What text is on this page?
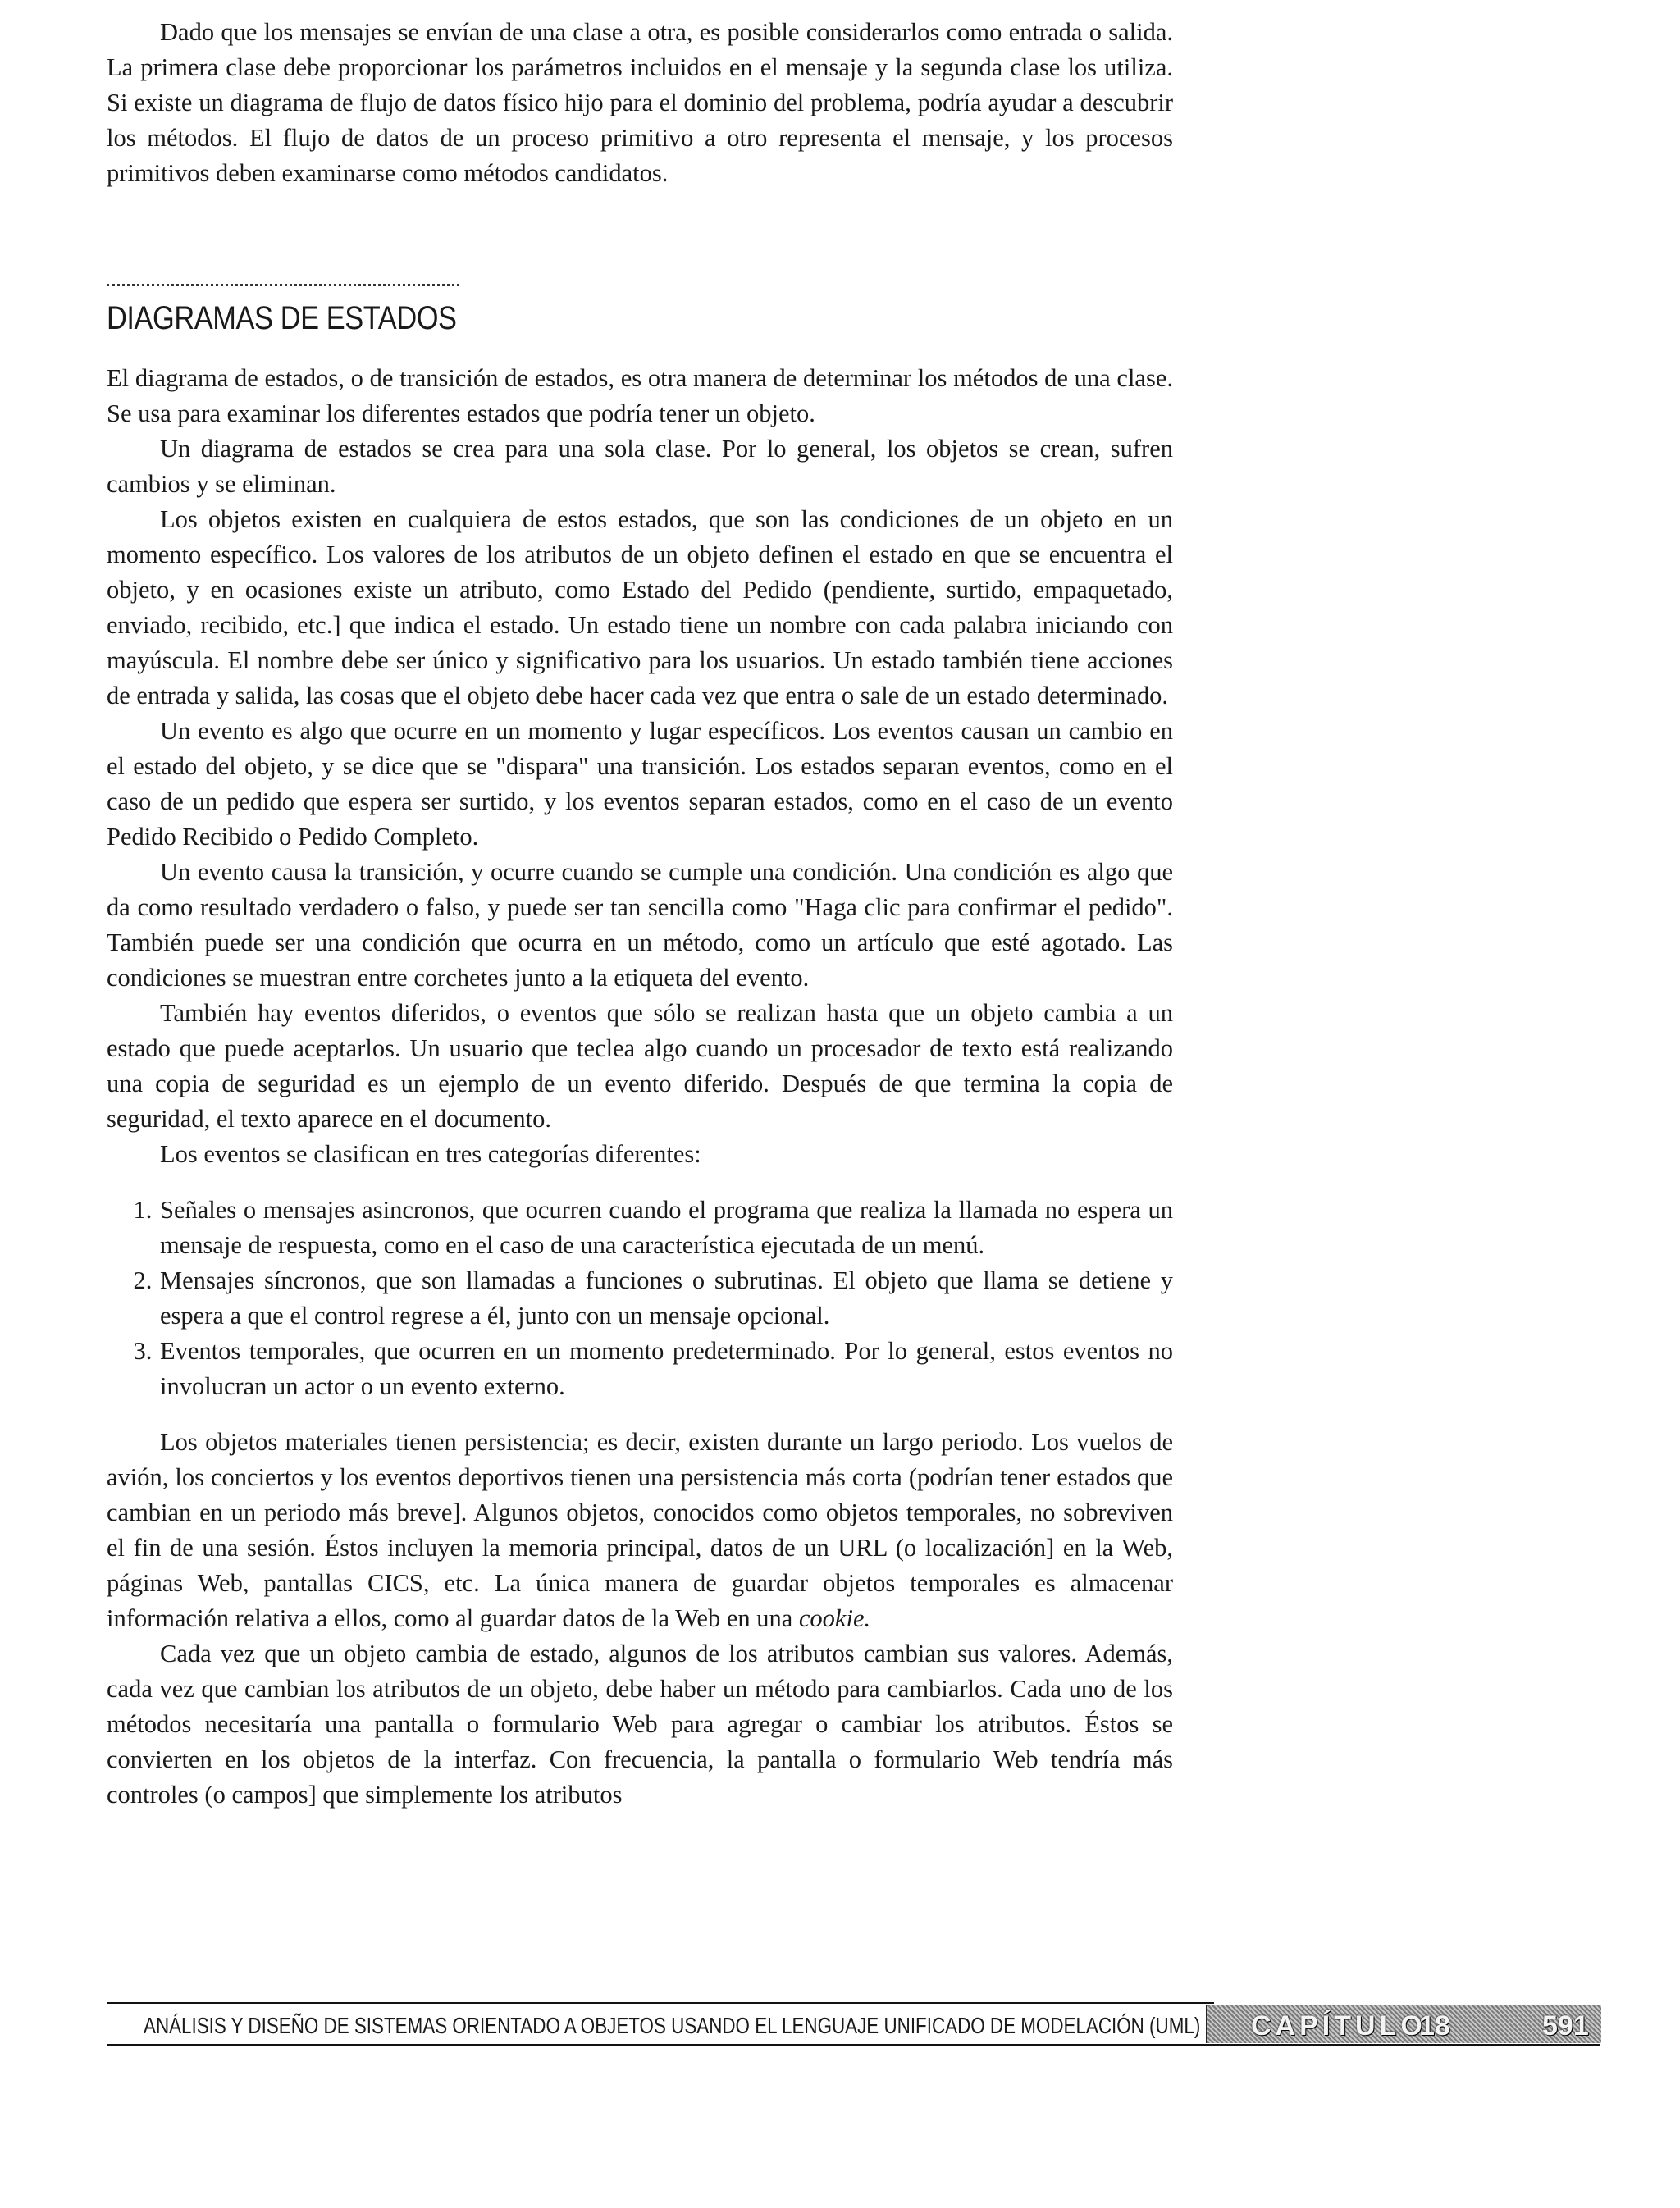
Dado que los mensajes se envían de una clase a otra, es posible considerarlos como entrada o salida. La primera clase debe proporcionar los parámetros incluidos en el mensaje y la segunda clase los utiliza. Si existe un diagrama de flujo de datos físico hijo para el dominio del problema, podría ayudar a descubrir los métodos. El flujo de datos de un proceso primitivo a otro representa el mensaje, y los procesos primitivos deben examinarse como métodos candidatos.

DIAGRAMAS DE ESTADOS

El diagrama de estados, o de transición de estados, es otra manera de determinar los métodos de una clase. Se usa para examinar los diferentes estados que podría tener un objeto.

Un diagrama de estados se crea para una sola clase. Por lo general, los objetos se crean, sufren cambios y se eliminan.

Los objetos existen en cualquiera de estos estados, que son las condiciones de un objeto en un momento específico. Los valores de los atributos de un objeto definen el estado en que se encuentra el objeto, y en ocasiones existe un atributo, como Estado del Pedido (pendiente, surtido, empaquetado, enviado, recibido, etc.] que indica el estado. Un estado tiene un nombre con cada palabra iniciando con mayúscula. El nombre debe ser único y significativo para los usuarios. Un estado también tiene acciones de entrada y salida, las cosas que el objeto debe hacer cada vez que entra o sale de un estado determinado.

Un evento es algo que ocurre en un momento y lugar específicos. Los eventos causan un cambio en el estado del objeto, y se dice que se "dispara" una transición. Los estados separan eventos, como en el caso de un pedido que espera ser surtido, y los eventos separan estados, como en el caso de un evento Pedido Recibido o Pedido Completo.

Un evento causa la transición, y ocurre cuando se cumple una condición. Una condición es algo que da como resultado verdadero o falso, y puede ser tan sencilla como "Haga clic para confirmar el pedido". También puede ser una condición que ocurra en un método, como un artículo que esté agotado. Las condiciones se muestran entre corchetes junto a la etiqueta del evento.

También hay eventos diferidos, o eventos que sólo se realizan hasta que un objeto cambia a un estado que puede aceptarlos. Un usuario que teclea algo cuando un procesador de texto está realizando una copia de seguridad es un ejemplo de un evento diferido. Después de que termina la copia de seguridad, el texto aparece en el documento.

Los eventos se clasifican en tres categorías diferentes:

1. Señales o mensajes asincronos, que ocurren cuando el programa que realiza la llamada no espera un mensaje de respuesta, como en el caso de una característica ejecutada de un menú.
2. Mensajes síncronos, que son llamadas a funciones o subrutinas. El objeto que llama se detiene y espera a que el control regrese a él, junto con un mensaje opcional.
3. Eventos temporales, que ocurren en un momento predeterminado. Por lo general, estos eventos no involucran un actor o un evento externo.

Los objetos materiales tienen persistencia; es decir, existen durante un largo periodo. Los vuelos de avión, los conciertos y los eventos deportivos tienen una persistencia más corta (podrían tener estados que cambian en un periodo más breve]. Algunos objetos, conocidos como objetos temporales, no sobreviven el fin de una sesión. Éstos incluyen la memoria principal, datos de un URL (o localización] en la Web, páginas Web, pantallas CICS, etc. La única manera de guardar objetos temporales es almacenar información relativa a ellos, como al guardar datos de la Web en una cookie.

Cada vez que un objeto cambia de estado, algunos de los atributos cambian sus valores. Además, cada vez que cambian los atributos de un objeto, debe haber un método para cambiarlos. Cada uno de los métodos necesitaría una pantalla o formulario Web para agregar o cambiar los atributos. Éstos se convierten en los objetos de la interfaz. Con frecuencia, la pantalla o formulario Web tendría más controles (o campos] que simplemente los atributos

ANÁLISIS Y DISEÑO DE SISTEMAS ORIENTADO A OBJETOS USANDO EL LENGUAJE UNIFICADO DE MODELACIÓN (UML) CAPÍTULO

18	591
